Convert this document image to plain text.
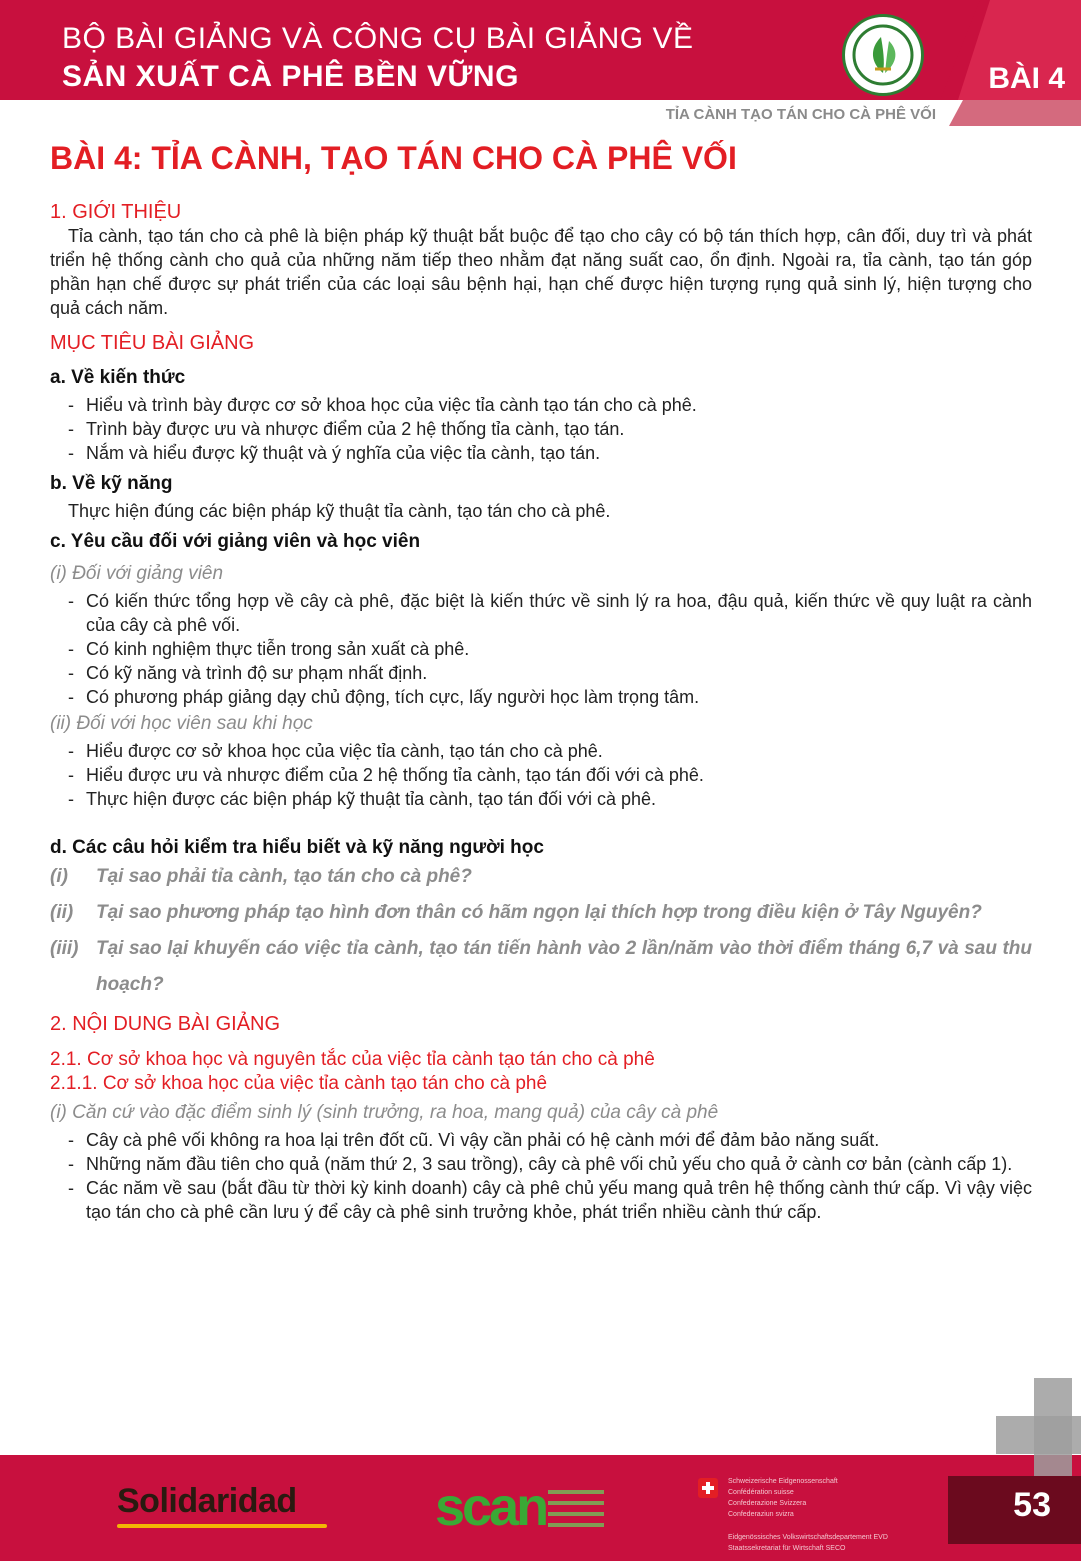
BỘ BÀI GIẢNG VÀ CÔNG CỤ BÀI GIẢNG VỀ
SẢN XUẤT CÀ PHÊ BỀN VỮNG	BÀI 4
TỈA CÀNH TẠO TÁN CHO CÀ PHÊ VỐI
BÀI 4: TỈA CÀNH, TẠO TÁN CHO CÀ PHÊ VỐI
1. GIỚI THIỆU

Tỉa cành, tạo tán cho cà phê là biện pháp kỹ thuật bắt buộc để tạo cho cây có bộ tán thích hợp, cân đối, duy trì và phát triển hệ thống cành cho quả của những năm tiếp theo nhằm đạt năng suất cao, ổn định. Ngoài ra, tỉa cành, tạo tán góp phần hạn chế được sự phát triển của các loại sâu bệnh hại, hạn chế được hiện tượng rụng quả sinh lý, hiện tượng cho quả cách năm.

MỤC TIÊU BÀI GIẢNG
a. Về kiến thức
- Hiểu và trình bày được cơ sở khoa học của việc tỉa cành tạo tán cho cà phê.
- Trình bày được ưu và nhược điểm của 2 hệ thống tỉa cành, tạo tán.
- Nắm và hiểu được kỹ thuật và ý nghĩa của việc tỉa cành, tạo tán.
b. Về kỹ năng

Thực hiện đúng các biện pháp kỹ thuật tỉa cành, tạo tán cho cà phê.

c. Yêu cầu đối với giảng viên và học viên
(i) Đối với giảng viên
- Có kiến thức tổng hợp về cây cà phê, đặc biệt là kiến thức về sinh lý ra hoa, đậu quả, kiến thức về quy luật ra cành của cây cà phê vối.
- Có kinh nghiệm thực tiễn trong sản xuất cà phê.
- Có kỹ năng và trình độ sư phạm nhất định.
- Có phương pháp giảng dạy chủ động, tích cực, lấy người học làm trọng tâm.
(ii) Đối với học viên sau khi học
- Hiểu được cơ sở khoa học của việc tỉa cành, tạo tán cho cà phê.
- Hiểu được ưu và nhược điểm của 2 hệ thống tỉa cành, tạo tán đối với cà phê.
- Thực hiện được các biện pháp kỹ thuật tỉa cành, tạo tán đối với cà phê.
d. Các câu hỏi kiểm tra hiểu biết và kỹ năng người học
(i)	Tại sao phải tỉa cành, tạo tán cho cà phê?
(ii)	Tại sao phương pháp tạo hình đơn thân có hãm ngọn lại thích hợp trong điều kiện ở Tây Nguyên?
(iii) Tại sao lại khuyến cáo việc tỉa cành, tạo tán tiến hành vào 2 lần/năm vào thời điểm tháng 6,7 và sau thu hoạch?
2. NỘI DUNG BÀI GIẢNG
2.1. Cơ sở khoa học và nguyên tắc của việc tỉa cành tạo tán cho cà phê
2.1.1. Cơ sở khoa học của việc tỉa cành tạo tán cho cà phê
(i) Căn cứ vào đặc điểm sinh lý (sinh trưởng, ra hoa, mang quả) của cây cà phê
- Cây cà phê vối không ra hoa lại trên đốt cũ. Vì vậy cần phải có hệ cành mới để đảm bảo năng suất.
- Những năm đầu tiên cho quả (năm thứ 2, 3 sau trồng), cây cà phê vối chủ yếu cho quả ở cành cơ bản (cành cấp 1).
- Các năm về sau (bắt đầu từ thời kỳ kinh doanh) cây cà phê chủ yếu mang quả trên hệ thống cành thứ cấp. Vì vậy việc tạo tán cho cà phê cần lưu ý để cây cà phê sinh trưởng khỏe, phát triển nhiều cành thứ cấp.
53
Solidaridad	scan	Schweizerische Eidgenossenschaft
Confédération suisse
Confederazione Svizzera
Confederaziun svizra
Eidgenössisches Volkswirtschaftsdepartement EVD
Staatssekretariat für Wirtschaft SECO
